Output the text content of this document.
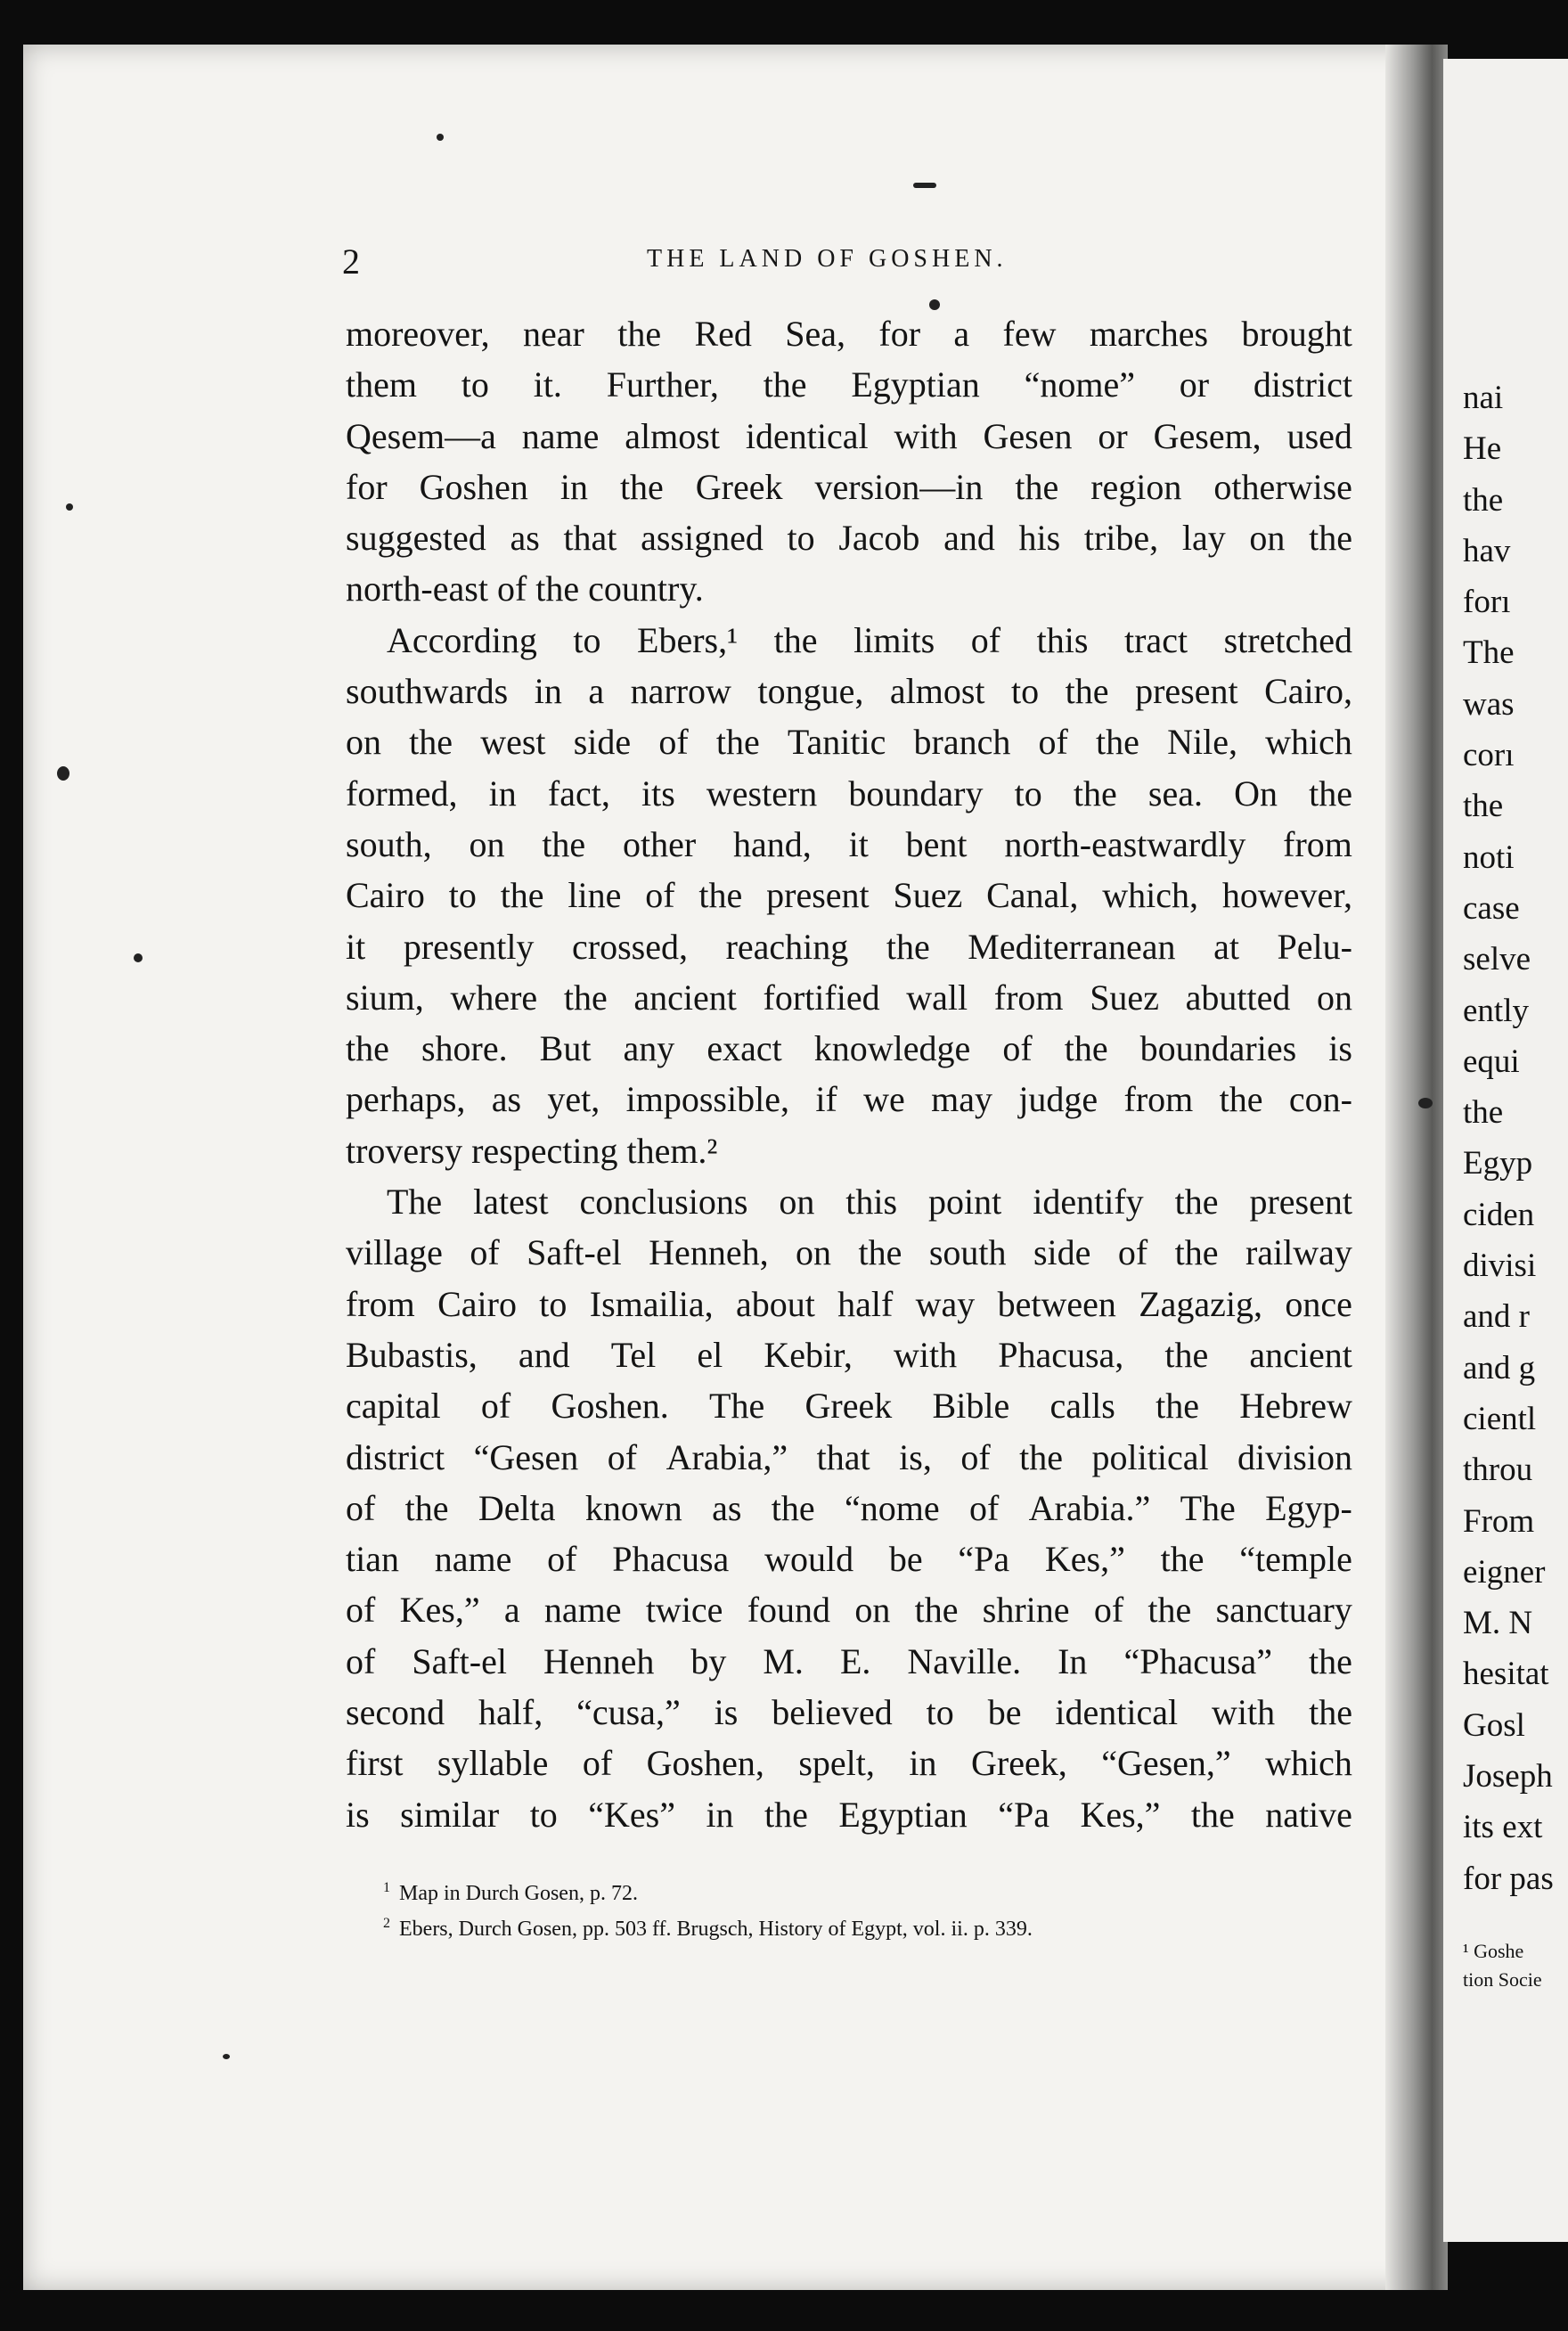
nai
He
the
hav
forı
The
was
corı
the
noti
case
selve
ently
equi
the
Egyp
ciden
divisi
and r
and g
cientl
throu
From
eigner
M. N
hesitat
Gosl
Joseph
its ext
for pas
¹ Goshe
tion Socie
2	THE LAND OF GOSHEN.
moreover, near the Red Sea, for a few marches brought
them to it. Further, the Egyptian “nome” or district
Qesem—a name almost identical with Gesen or Gesem, used
for Goshen in the Greek version—in the region otherwise
suggested as that assigned to Jacob and his tribe, lay on the
north-east of the country.
According to Ebers,¹ the limits of this tract stretched
southwards in a narrow tongue, almost to the present Cairo,
on the west side of the Tanitic branch of the Nile, which
formed, in fact, its western boundary to the sea. On the
south, on the other hand, it bent north-eastwardly from
Cairo to the line of the present Suez Canal, which, however,
it presently crossed, reaching the Mediterranean at Pelu-
sium, where the ancient fortified wall from Suez abutted on
the shore. But any exact knowledge of the boundaries is
perhaps, as yet, impossible, if we may judge from the con-
troversy respecting them.²
The latest conclusions on this point identify the present
village of Saft-el Henneh, on the south side of the railway
from Cairo to Ismailia, about half way between Zagazig, once
Bubastis, and Tel el Kebir, with Phacusa, the ancient
capital of Goshen. The Greek Bible calls the Hebrew
district “Gesen of Arabia,” that is, of the political division
of the Delta known as the “nome of Arabia.” The Egyp-
tian name of Phacusa would be “Pa Kes,” the “temple
of Kes,” a name twice found on the shrine of the sanctuary
of Saft-el Henneh by M. E. Naville. In “Phacusa” the
second half, “cusa,” is believed to be identical with the
first syllable of Goshen, spelt, in Greek, “Gesen,” which
is similar to “Kes” in the Egyptian “Pa Kes,” the native
$^1$ Map in Durch Gosen, p. 72.
$^2$ Ebers, Durch Gosen, pp. 503 ff. Brugsch, History of Egypt, vol. ii. p. 339.
